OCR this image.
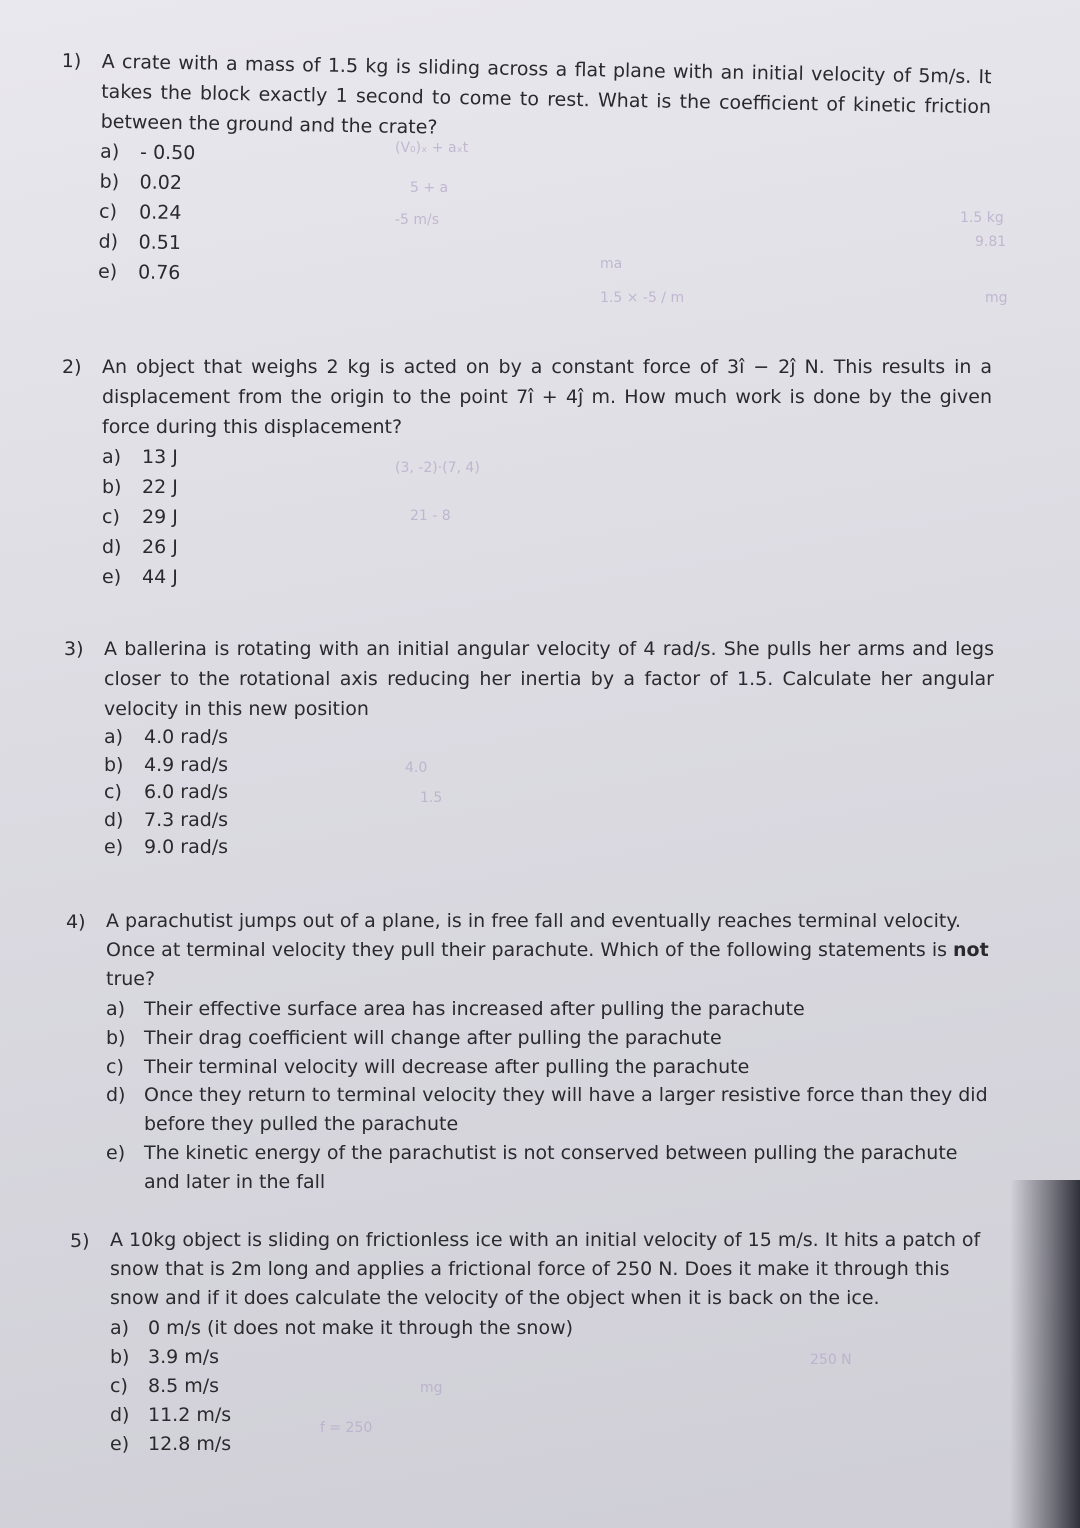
(V₀)ₓ + aₓt
5 + a
-5 m/s
ma
1.5 × -5 / m	mg
1.5 kg
9.81
(3, -2)·(7, 4)
21 - 8
4.0
1.5
250 N
mg
f = 250
1) A crate with a mass of 1.5 kg is sliding across a flat plane with an initial velocity of 5m/s. It takes the block exactly 1 second to come to rest. What is the coefficient of kinetic friction between the ground and the crate?
a)	- 0.50
b)	0.02
c)	0.24
d)	0.51
e)	0.76
2) An object that weighs 2 kg is acted on by a constant force of 3î − 2ĵ N. This results in a displacement from the origin to the point 7î + 4ĵ m. How much work is done by the given force during this displacement?
a)	13 J
b)	22 J
c)	29 J
d)	26 J
e)	44 J
3) A ballerina is rotating with an initial angular velocity of 4 rad/s. She pulls her arms and legs closer to the rotational axis reducing her inertia by a factor of 1.5. Calculate her angular velocity in this new position
a)	4.0 rad/s
b)	4.9 rad/s
c)	6.0 rad/s
d)	7.3 rad/s
e)	9.0 rad/s
4) A parachutist jumps out of a plane, is in free fall and eventually reaches terminal velocity. Once at terminal velocity they pull their parachute. Which of the following statements is not true?
a) Their effective surface area has increased after pulling the parachute
b) Their drag coefficient will change after pulling the parachute
c)	Their terminal velocity will decrease after pulling the parachute
d) Once they return to terminal velocity they will have a larger resistive force than they did before they pulled the parachute
e) The kinetic energy of the parachutist is not conserved between pulling the parachute and later in the fall
5) A 10kg object is sliding on frictionless ice with an initial velocity of 15 m/s. It hits a patch of snow that is 2m long and applies a frictional force of 250 N. Does it make it through this snow and if it does calculate the velocity of the object when it is back on the ice.
a) 0 m/s (it does not make it through the snow)
b) 3.9 m/s
c)	8.5 m/s
d) 11.2 m/s
e) 12.8 m/s
